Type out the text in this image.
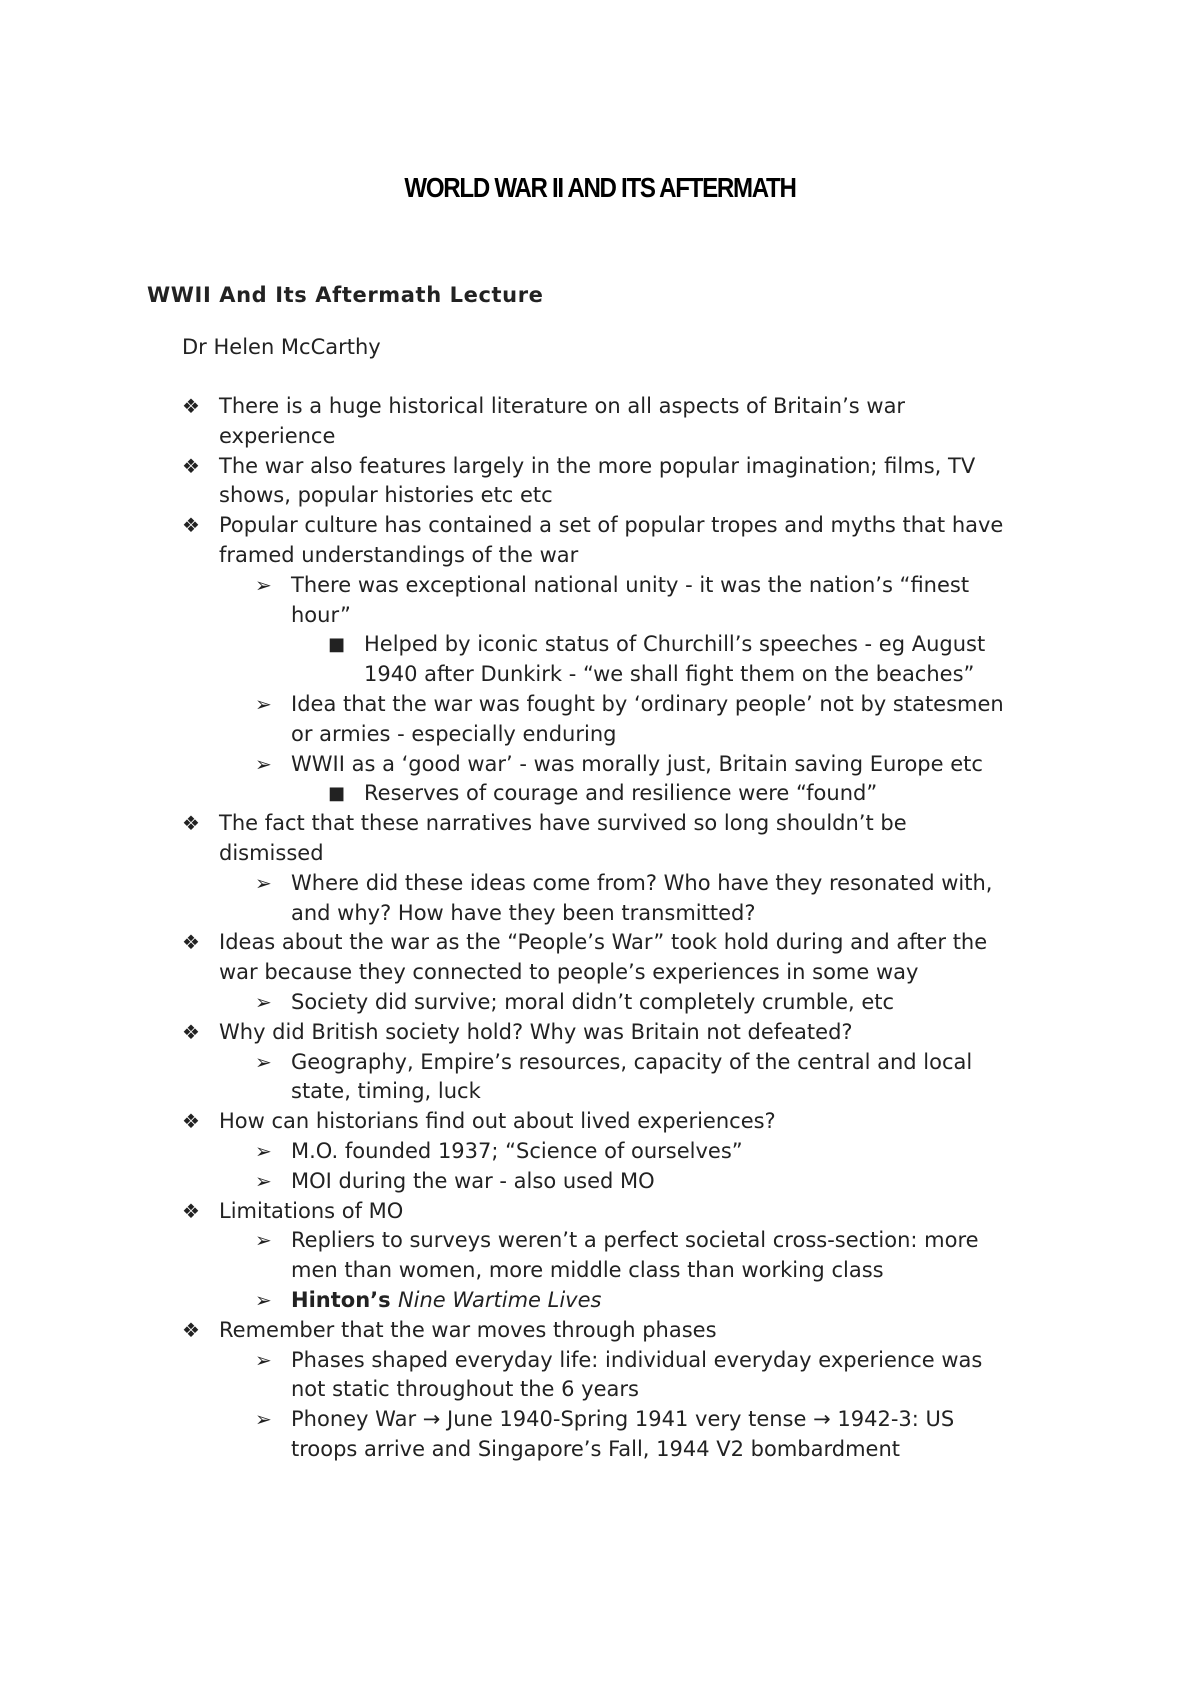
WORLD WAR II AND ITS AFTERMATH
WWII And Its Aftermath Lecture
Dr Helen McCarthy
❖ There is a huge historical literature on all aspects of Britain’s war
experience
❖ The war also features largely in the more popular imagination; films, TV
shows, popular histories etc etc
❖ Popular culture has contained a set of popular tropes and myths that have
framed understandings of the war
➢ There was exceptional national unity - it was the nation’s “finest
hour”
■ Helped by iconic status of Churchill’s speeches - eg August
1940 after Dunkirk - “we shall fight them on the beaches”
➢ Idea that the war was fought by ‘ordinary people’ not by statesmen
or armies - especially enduring
➢ WWII as a ‘good war’ - was morally just, Britain saving Europe etc
■ Reserves of courage and resilience were “found”
❖ The fact that these narratives have survived so long shouldn’t be
dismissed
➢ Where did these ideas come from? Who have they resonated with,
and why? How have they been transmitted?
❖ Ideas about the war as the “People’s War” took hold during and after the
war because they connected to people’s experiences in some way
➢ Society did survive; moral didn’t completely crumble, etc
❖ Why did British society hold? Why was Britain not defeated?
➢ Geography, Empire’s resources, capacity of the central and local
state, timing, luck
❖ How can historians find out about lived experiences?
➢ M.O. founded 1937; “Science of ourselves”
➢ MOI during the war - also used MO
❖ Limitations of MO
➢ Repliers to surveys weren’t a perfect societal cross-section: more
men than women, more middle class than working class
➢ Hinton’s Nine Wartime Lives
❖ Remember that the war moves through phases
➢ Phases shaped everyday life: individual everyday experience was
not static throughout the 6 years
➢ Phoney War → June 1940-Spring 1941 very tense → 1942-3: US
troops arrive and Singapore’s Fall, 1944 V2 bombardment
